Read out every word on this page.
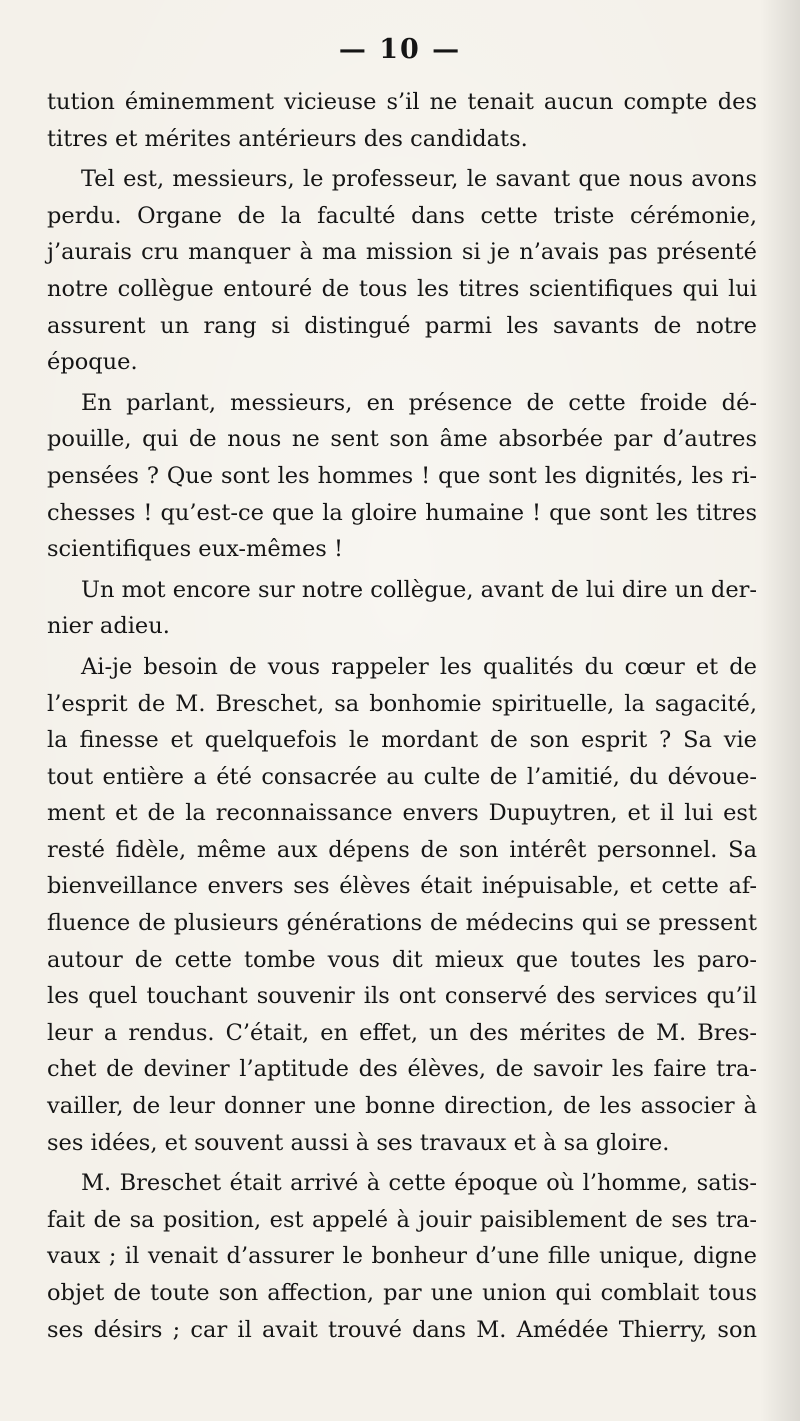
— 10 —
tution éminemment vicieuse s’il ne tenait aucun compte des
titres et mérites antérieurs des candidats.
Tel est, messieurs, le professeur, le savant que nous avons
perdu. Organe de la faculté dans cette triste cérémonie,
j’aurais cru manquer à ma mission si je n’avais pas présenté
notre collègue entouré de tous les titres scientifiques qui lui
assurent un rang si distingué parmi les savants de notre
époque.
En parlant, messieurs, en présence de cette froide dé-
pouille, qui de nous ne sent son âme absorbée par d’autres
pensées ? Que sont les hommes ! que sont les dignités, les ri-
chesses ! qu’est-ce que la gloire humaine ! que sont les titres
scientifiques eux-mêmes !
Un mot encore sur notre collègue, avant de lui dire un der-
nier adieu.
Ai-je besoin de vous rappeler les qualités du cœur et de
l’esprit de M. Breschet, sa bonhomie spirituelle, la sagacité,
la finesse et quelquefois le mordant de son esprit ? Sa vie
tout entière a été consacrée au culte de l’amitié, du dévoue-
ment et de la reconnaissance envers Dupuytren, et il lui est
resté fidèle, même aux dépens de son intérêt personnel. Sa
bienveillance envers ses élèves était inépuisable, et cette af-
fluence de plusieurs générations de médecins qui se pressent
autour de cette tombe vous dit mieux que toutes les paro-
les quel touchant souvenir ils ont conservé des services qu’il
leur a rendus. C’était, en effet, un des mérites de M. Bres-
chet de deviner l’aptitude des élèves, de savoir les faire tra-
vailler, de leur donner une bonne direction, de les associer à
ses idées, et souvent aussi à ses travaux et à sa gloire.
M. Breschet était arrivé à cette époque où l’homme, satis-
fait de sa position, est appelé à jouir paisiblement de ses tra-
vaux ; il venait d’assurer le bonheur d’une fille unique, digne
objet de toute son affection, par une union qui comblait tous
ses désirs ; car il avait trouvé dans M. Amédée Thierry, son
